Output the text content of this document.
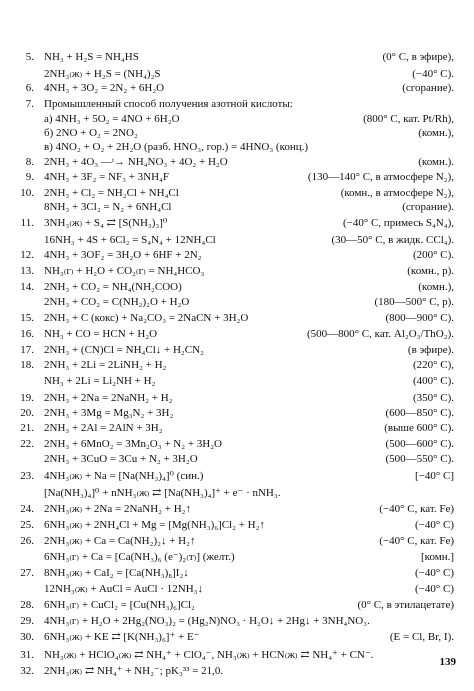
5. NH₃ + H₂S = NH₄HS	(0° C, в эфире),
2NH₃₍ж₎ + H₂S = (NH₄)₂S	(−40° C).
6. 4NH₃ + 3O₂ = 2N₂ + 6H₂O	(сгорание).
7. Промышленный способ получения азотной кислоты:
а) 4NH₃ + 5O₂ = 4NO + 6H₂O	(800° C, кат. Pt/Rh),
б) 2NO + O₂ = 2NO₂	(комн.),
в) 4NO₂ + O₂ + 2H₂O (разб. HNO₃, гор.) = 4HNO₃ (конц.)
8. 2NH₃ + 4O₃ —ᵗ→ NH₄NO₃ + 4O₂ + H₂O	(комн.).
9. 4NH₃ + 3F₂ = NF₃ + 3NH₄F	(130—140° C, в атмосфере N₂),
10. 2NH₃ + Cl₂ = NH₂Cl + NH₄Cl	(комн., в атмосфере N₂),
8NH₃ + 3Cl₂ = N₂ + 6NH₄Cl	(сгорание).
11. 3NH₃₍ж₎ + S₄ ⇄ [S(NH₃)₃]⁰	(−40° C, примесь S₄N₄),
16NH₃ + 4S + 6Cl₂ = S₄N₄ + 12NH₄Cl	(30—50° C, в жидк. CCl₄).
12. 4NH₃ + 3OF₂ = 3H₂O + 6HF + 2N₂	(200° C).
13. NH₃₍г₎ + H₂O + CO₂₍г₎ = NH₄HCO₃	(комн., p).
14. 2NH₃ + CO₂ = NH₄(NH₂COO)	(комн.),
2NH₃ + CO₂ = C(NH₂)₂O + H₂O	(180—500° C, p).
15. 2NH₃ + C (кокс) + Na₂CO₃ = 2NaCN + 3H₂O	(800—900° C).
16. NH₃ + CO = HCN + H₂O	(500—800° C, кат. Al₂O₃/ThO₂).
17. 2NH₃ + (CN)Cl = NH₄Cl↓ + H₂CN₂	(в эфире).
18. 2NH₃ + 2Li = 2LiNH₂ + H₂	(220° C),
NH₃ + 2Li = Li₂NH + H₂	(400° C).
19. 2NH₃ + 2Na = 2NaNH₂ + H₂	(350° C).
20. 2NH₃ + 3Mg = Mg₃N₂ + 3H₂	(600—850° C).
21. 2NH₃ + 2Al = 2AlN + 3H₂	(выше 600° C).
22. 2NH₃ + 6MnO₂ = 3Mn₂O₃ + N₂ + 3H₂O	(500—600° C).
2NH₃ + 3CuO = 3Cu + N₂ + 3H₂O	(500—550° C).
23. 4NH₃₍ж₎ + Na = [Na(NH₃)₄]⁰ (син.)	[−40° C]
[Na(NH₃)₄]⁰ + nNH₃₍ж₎ ⇄ [Na(NH₃)₄]⁺ + e⁻ · nNH₃.
24. 2NH₃₍ж₎ + 2Na = 2NaNH₂ + H₂↑	(−40° C, кат. Fe)
25. 6NH₃₍ж₎ + 2NH₄Cl + Mg = [Mg(NH₃)₆]Cl₂ + H₂↑	(−40° C)
26. 2NH₃₍ж₎ + Ca = Ca(NH₂)₂↓ + H₂↑	(−40° C, кат. Fe)
6NH₃₍г₎ + Ca = [Ca(NH₃)₆ (e⁻)₂₍т₎] (желт.)	[комн.]
27. 8NH₃₍ж₎ + CaI₂ = [Ca(NH₃)₈]I₂↓	(−40° C)
12NH₃₍ж₎ + AuCl = AuCl · 12NH₃↓	(−40° C)
28. 6NH₃₍г₎ + CuCl₂ = [Cu(NH₃)₆]Cl₂	(0° C, в этилацетате)
29. 4NH₃₍г₎ + H₂O + 2Hg₂(NO₃)₂ = (Hg₂N)NO₃ · H₂O↓ + 2Hg↓ + 3NH₄NO₃.
30. 6NH₃₍ж₎ + KE ⇄ [K(NH₃)₆]⁺ + E⁻	(E = Cl, Br, I).
31. NH₃₍ж₎ + HClO₄₍ж₎ ⇄ NH₄⁺ + ClO₄⁻, NH₃₍ж₎ + HCN₍ж₎ ⇄ NH₄⁺ + CN⁻.
32. 2NH₃₍ж₎ ⇄ NH₄⁺ + NH₂⁻; pK₃³³ = 21,0.
139
